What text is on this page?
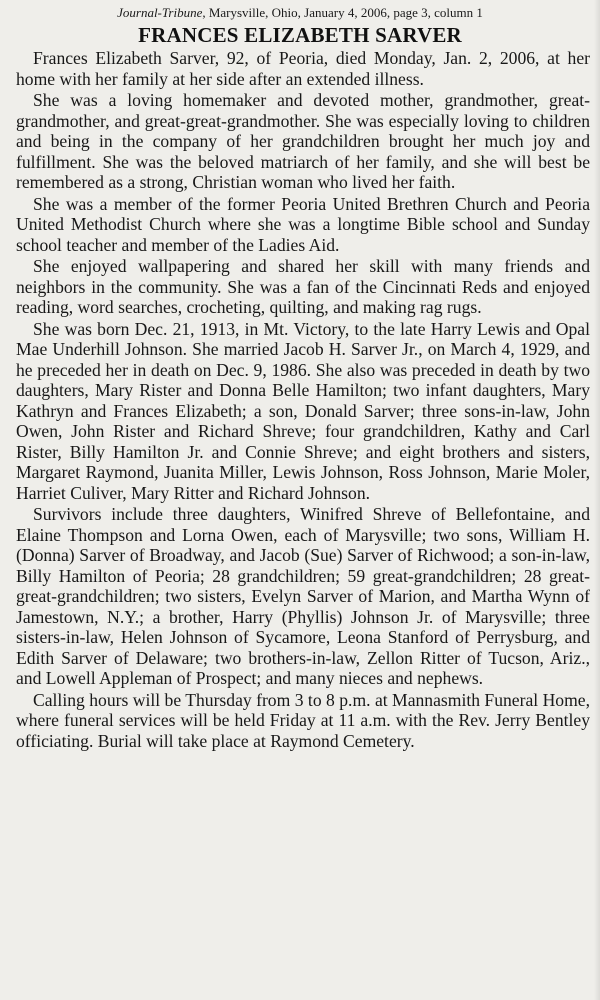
Journal-Tribune, Marysville, Ohio, January 4, 2006, page 3, column 1
FRANCES ELIZABETH SARVER

Frances Elizabeth Sarver, 92, of Peoria, died Monday, Jan. 2, 2006, at her home with her family at her side after an extended illness.

She was a loving homemaker and devoted mother, grandmother, great-grandmother, and great-great-grandmother. She was especially loving to children and being in the company of her grandchildren brought her much joy and fulfillment. She was the beloved matriarch of her family, and she will best be remembered as a strong, Christian woman who lived her faith.

She was a member of the former Peoria United Brethren Church and Peoria United Methodist Church where she was a longtime Bible school and Sunday school teacher and member of the Ladies Aid.

She enjoyed wallpapering and shared her skill with many friends and neighbors in the community. She was a fan of the Cincinnati Reds and enjoyed reading, word searches, crocheting, quilting, and making rag rugs.

She was born Dec. 21, 1913, in Mt. Victory, to the late Harry Lewis and Opal Mae Underhill Johnson. She married Jacob H. Sarver Jr., on March 4, 1929, and he preceded her in death on Dec. 9, 1986. She also was preceded in death by two daughters, Mary Rister and Donna Belle Hamilton; two infant daughters, Mary Kathryn and Frances Elizabeth; a son, Donald Sarver; three sons-in-law, John Owen, John Rister and Richard Shreve; four grandchildren, Kathy and Carl Rister, Billy Hamilton Jr. and Connie Shreve; and eight brothers and sisters, Margaret Raymond, Juanita Miller, Lewis Johnson, Ross Johnson, Marie Moler, Harriet Culiver, Mary Ritter and Richard Johnson.

Survivors include three daughters, Winifred Shreve of Bellefontaine, and Elaine Thompson and Lorna Owen, each of Marysville; two sons, William H. (Donna) Sarver of Broadway, and Jacob (Sue) Sarver of Richwood; a son-in-law, Billy Hamilton of Peoria; 28 grandchildren; 59 great-grandchildren; 28 great-great-grandchildren; two sisters, Evelyn Sarver of Marion, and Martha Wynn of Jamestown, N.Y.; a brother, Harry (Phyllis) Johnson Jr. of Marysville; three sisters-in-law, Helen Johnson of Sycamore, Leona Stanford of Perrysburg, and Edith Sarver of Delaware; two brothers-in-law, Zellon Ritter of Tucson, Ariz., and Lowell Appleman of Prospect; and many nieces and nephews.

Calling hours will be Thursday from 3 to 8 p.m. at Mannasmith Funeral Home, where funeral services will be held Friday at 11 a.m. with the Rev. Jerry Bentley officiating. Burial will take place at Raymond Cemetery.
